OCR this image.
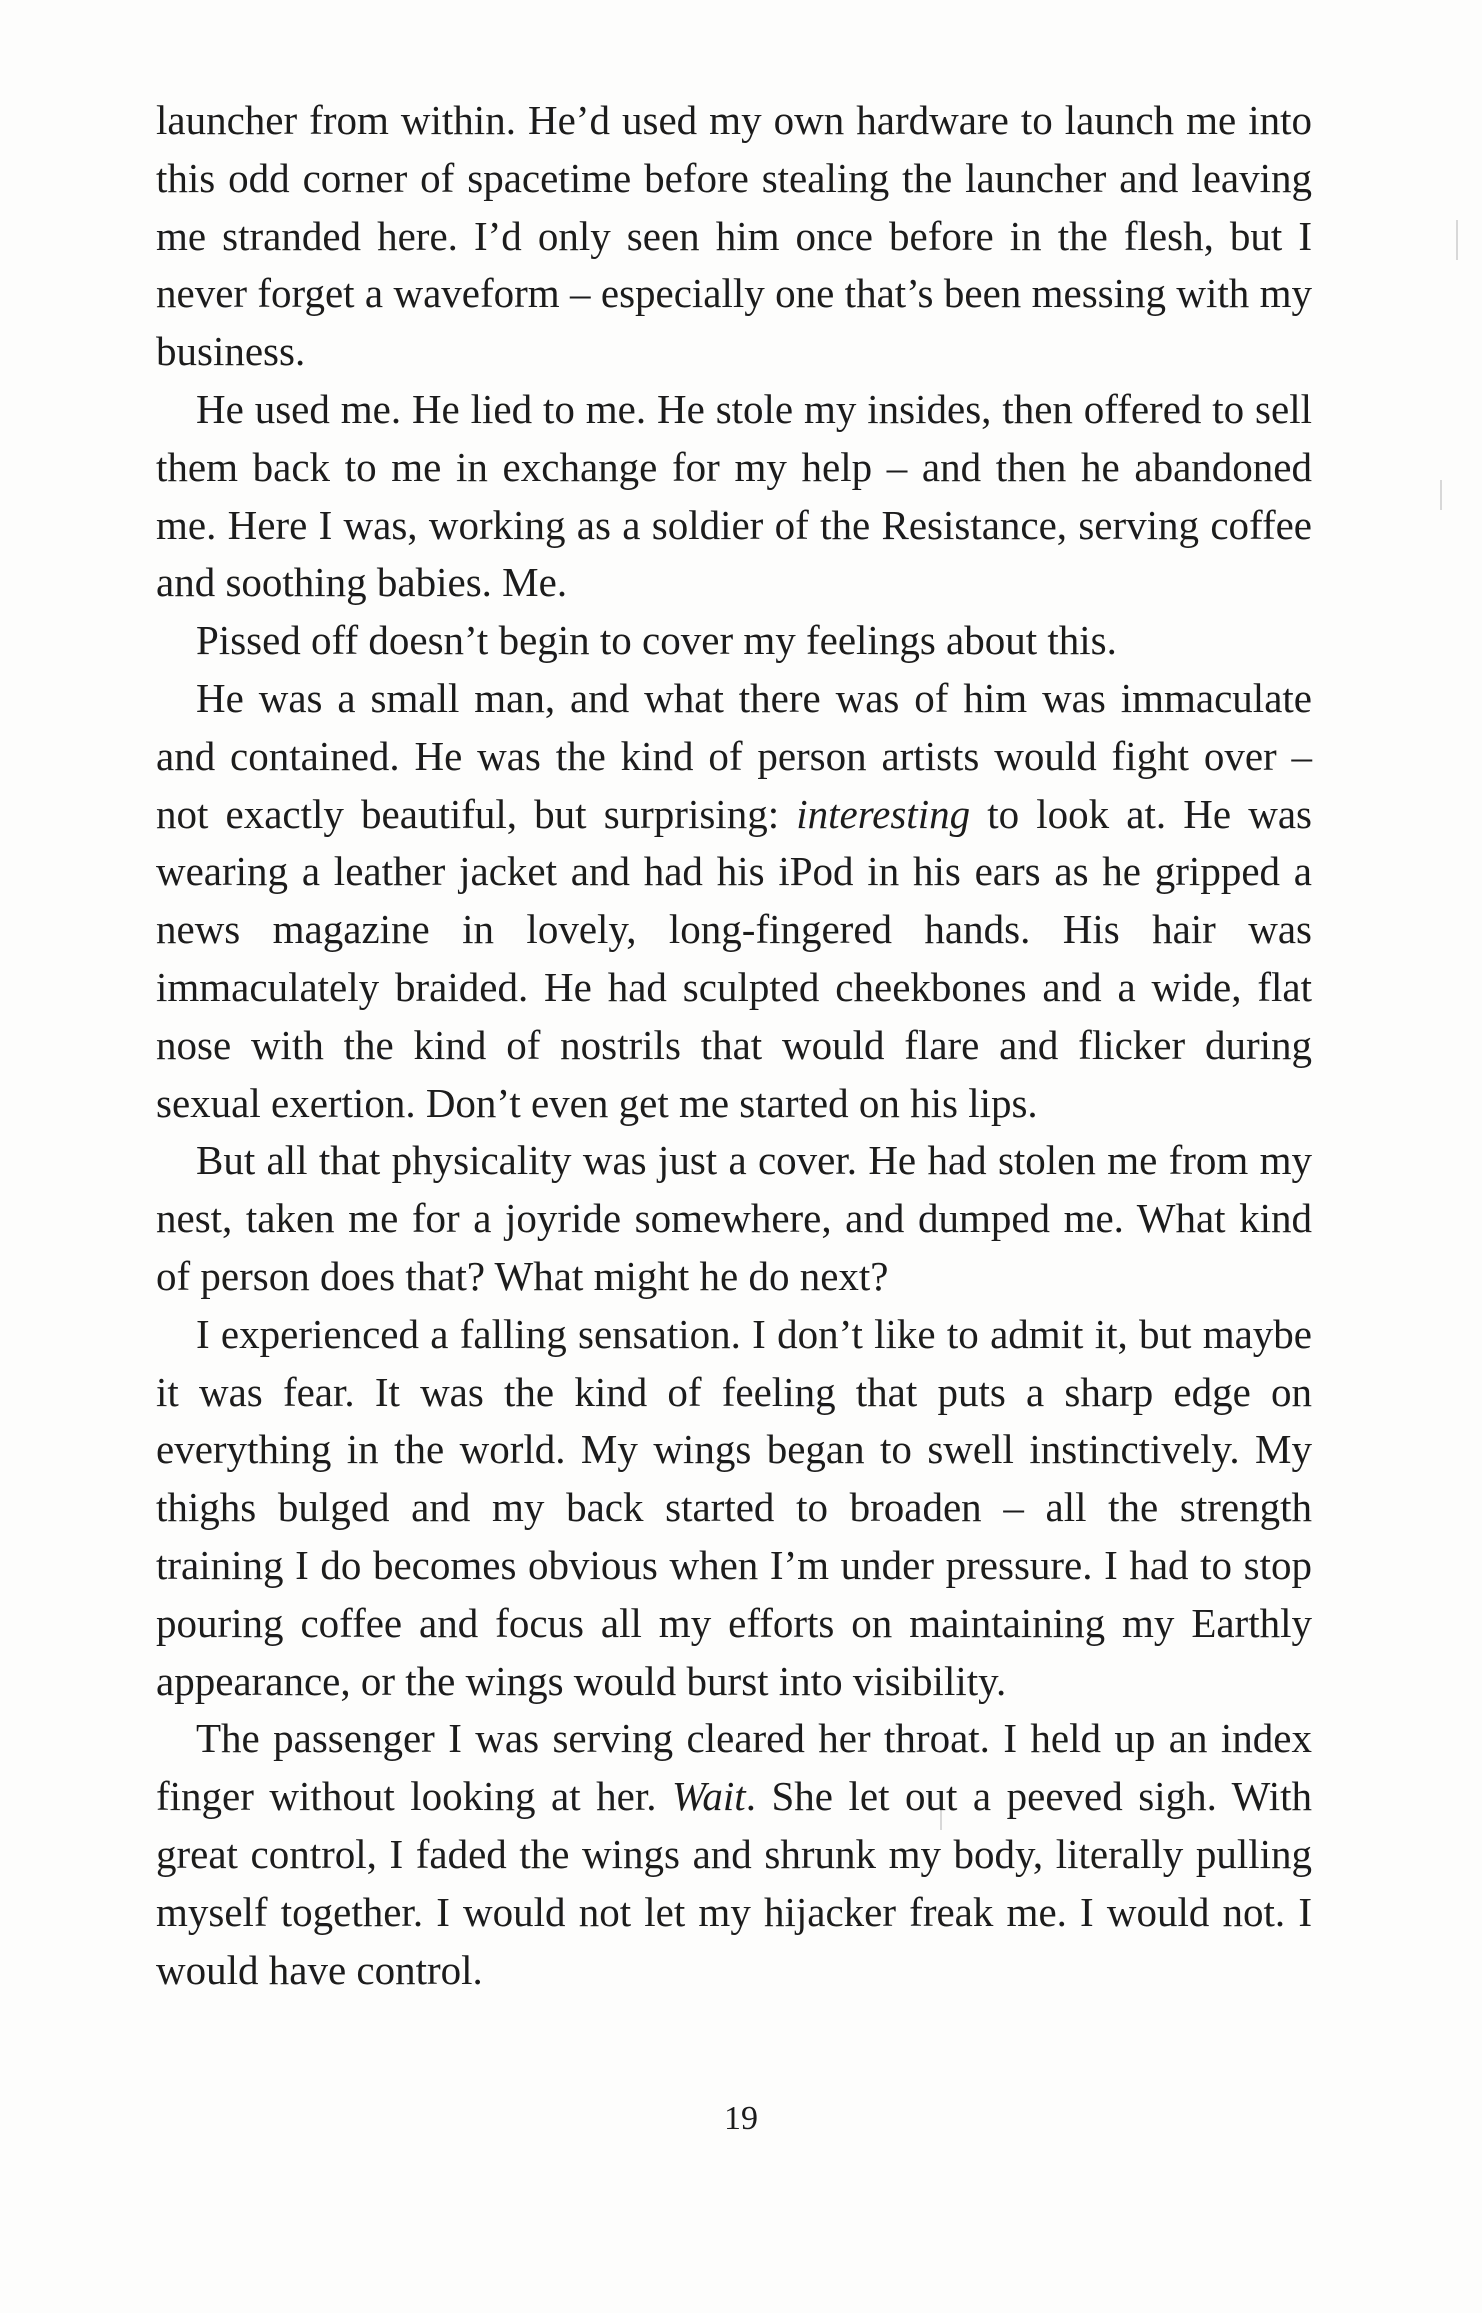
launcher from within. He’d used my own hardware to launch me into this odd corner of spacetime before stealing the launcher and leaving me stranded here. I’d only seen him once before in the flesh, but I never forget a waveform – especially one that’s been messing with my business.

He used me. He lied to me. He stole my insides, then offered to sell them back to me in exchange for my help – and then he abandoned me. Here I was, working as a soldier of the Resistance, serving coffee and soothing babies. Me.

Pissed off doesn’t begin to cover my feelings about this.

He was a small man, and what there was of him was immaculate and contained. He was the kind of person artists would fight over – not exactly beautiful, but surprising: interesting to look at. He was wearing a leather jacket and had his iPod in his ears as he gripped a news magazine in lovely, long-fingered hands. His hair was immaculately braided. He had sculpted cheekbones and a wide, flat nose with the kind of nostrils that would flare and flicker during sexual exertion. Don’t even get me started on his lips.

But all that physicality was just a cover. He had stolen me from my nest, taken me for a joyride somewhere, and dumped me. What kind of person does that? What might he do next?

I experienced a falling sensation. I don’t like to admit it, but maybe it was fear. It was the kind of feeling that puts a sharp edge on everything in the world. My wings began to swell instinctively. My thighs bulged and my back started to broaden – all the strength training I do becomes obvious when I’m under pressure. I had to stop pouring coffee and focus all my efforts on maintaining my Earthly appearance, or the wings would burst into visibility.

The passenger I was serving cleared her throat. I held up an index finger without looking at her. Wait. She let out a peeved sigh. With great control, I faded the wings and shrunk my body, literally pulling myself together. I would not let my hijacker freak me. I would not. I would have control.

19
